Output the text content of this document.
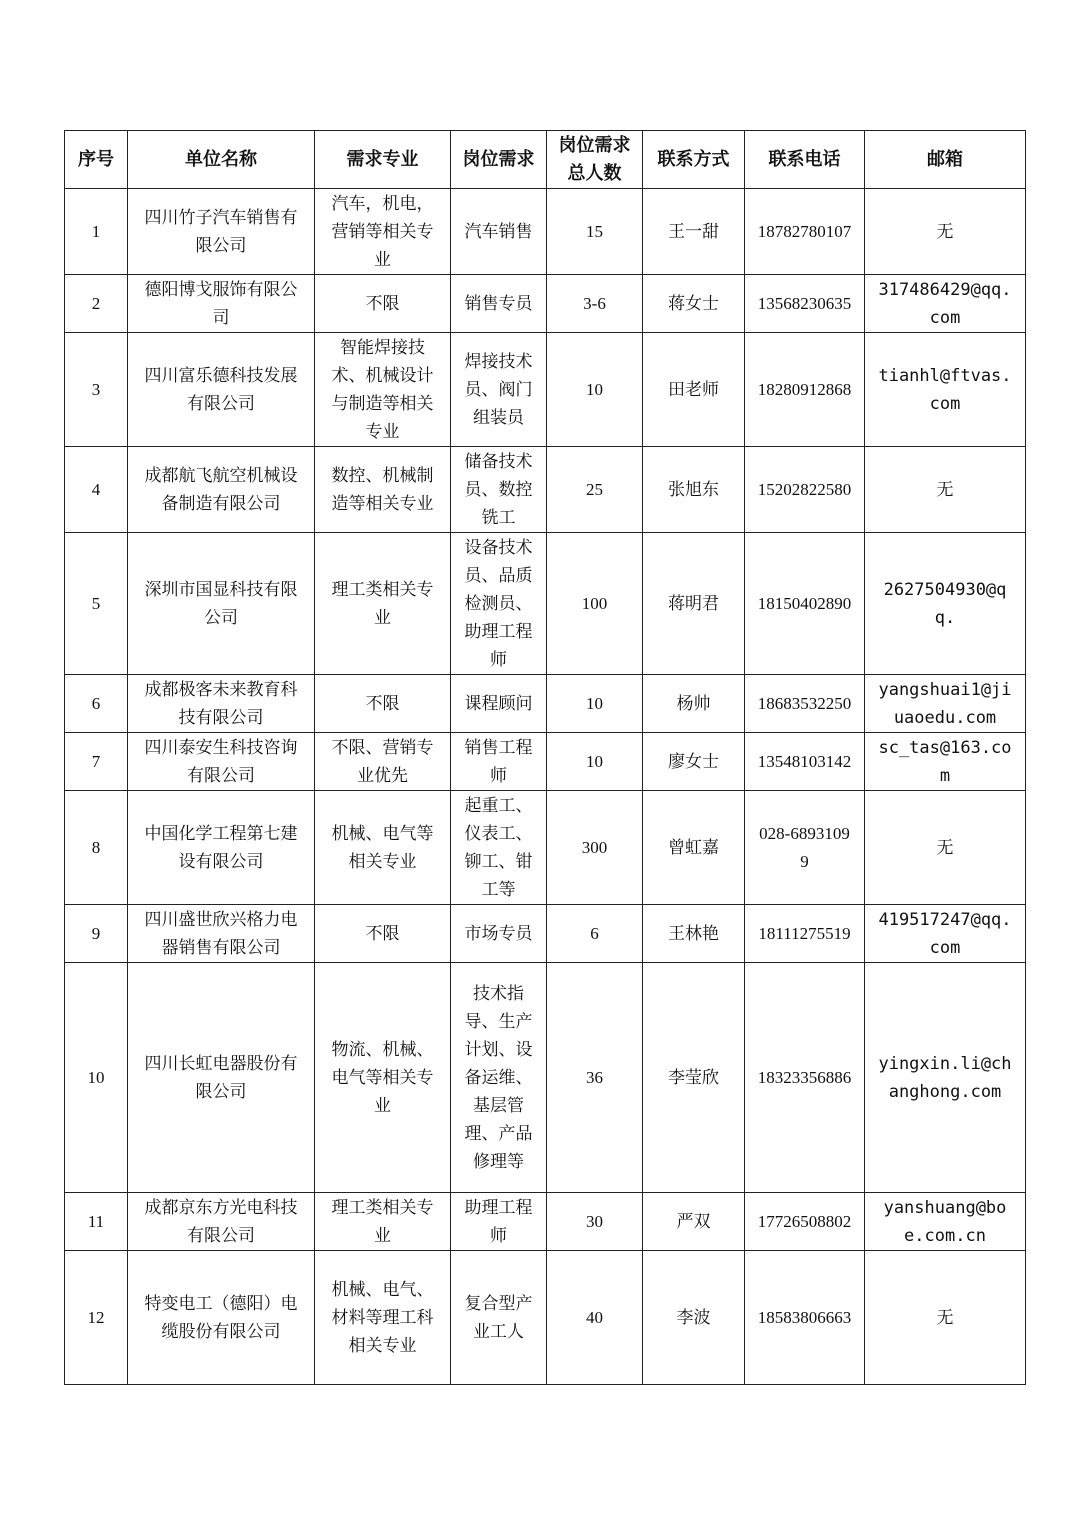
序号	单位名称	需求专业	岗位需求	岗位需求总人数	联系方式	联系电话	邮箱
1	四川竹子汽车销售有限公司	汽车，机电，营销等相关专业	汽车销售	15	王一甜	18782780107	无
2	德阳博戈服饰有限公司	不限	销售专员	3-6	蒋女士	13568230635	317486429@qq.com
3	四川富乐德科技发展有限公司	智能焊接技术、机械设计与制造等相关专业	焊接技术员、阀门组装员	10	田老师	18280912868	tianhl@ftvas.com
4	成都航飞航空机械设备制造有限公司	数控、机械制造等相关专业	储备技术员、数控铣工	25	张旭东	15202822580	无
5	深圳市国显科技有限公司	理工类相关专业	设备技术员、品质检测员、助理工程师	100	蒋明君	18150402890	2627504930@qq.
6	成都极客未来教育科技有限公司	不限	课程顾问	10	杨帅	18683532250	yangshuai1@jiuaoedu.com
7	四川泰安生科技咨询有限公司	不限、营销专业优先	销售工程师	10	廖女士	13548103142	sc_tas@163.com
8	中国化学工程第七建设有限公司	机械、电气等相关专业	起重工、仪表工、铆工、钳工等	300	曾虹嘉	028-68931099	无
9	四川盛世欣兴格力电器销售有限公司	不限	市场专员	6	王林艳	18111275519	419517247@qq.com
10	四川长虹电器股份有限公司	物流、机械、电气等相关专业	技术指导、生产计划、设备运维、基层管理、产品修理等	36	李莹欣	18323356886	yingxin.li@changhong.com
11	成都京东方光电科技有限公司	理工类相关专业	助理工程师	30	严双	17726508802	yanshuang@boe.com.cn
12	特变电工（德阳）电缆股份有限公司	机械、电气、材料等理工科相关专业	复合型产业工人	40	李波	18583806663	无
